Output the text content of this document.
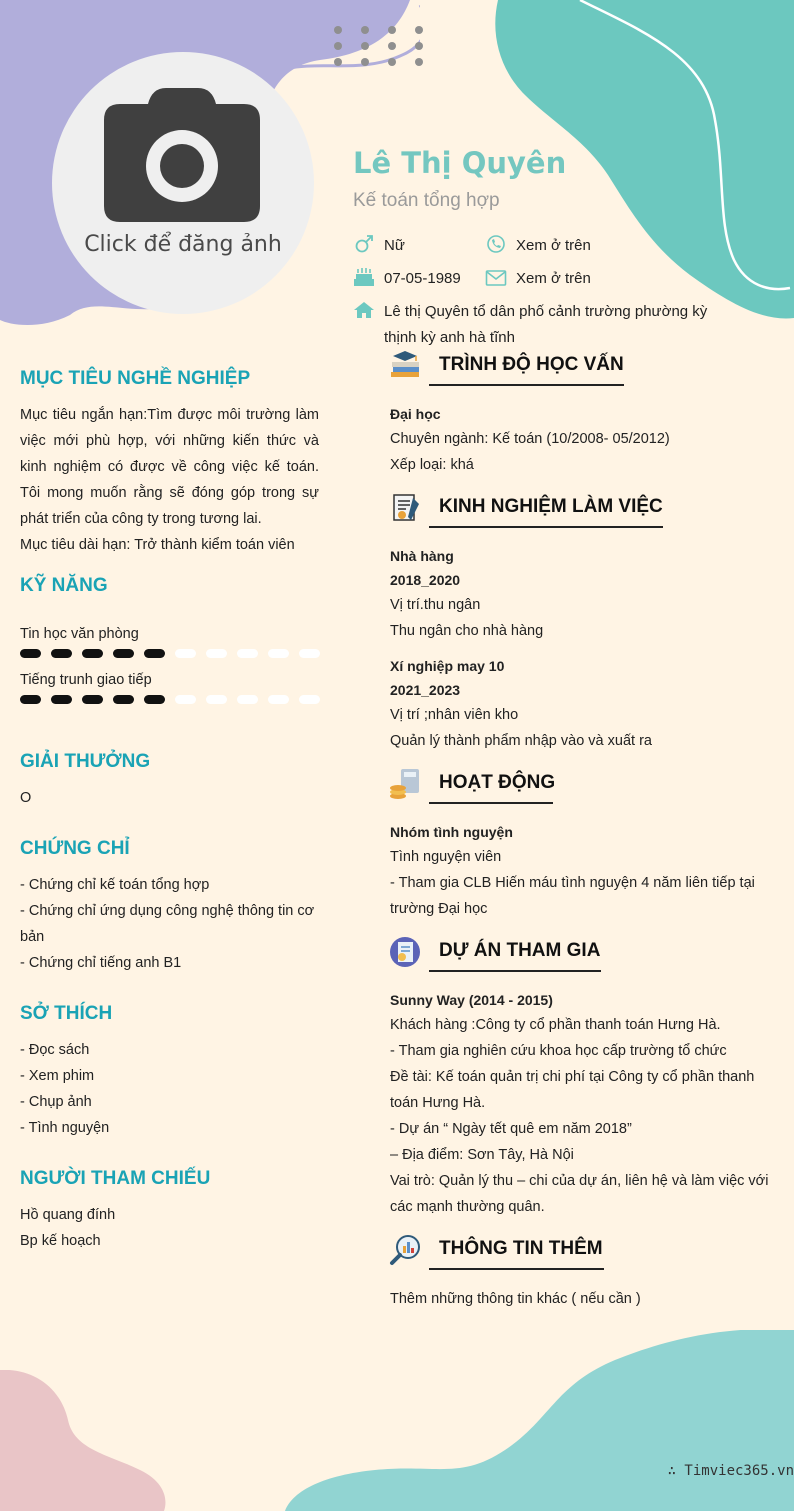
Click để đăng ảnh
Lê Thị Quyên
Kế toán tổng hợp
Nữ	Xem ở trên
07-05-1989	Xem ở trên
Lê thị Quyên tổ dân phố cảnh trường phường kỳ
thịnh kỳ anh hà tĩnh
MỤC TIÊU NGHỀ NGHIỆP
Mục tiêu ngắn hạn:Tìm được môi trường làm việc mới phù hợp, với những kiến thức và kinh nghiệm có được về công việc kế toán. Tôi mong muốn rằng sẽ đóng góp trong sự phát triển của công ty trong tương lai.
Mục tiêu dài hạn: Trở thành kiểm toán viên
KỸ NĂNG
Tin học văn phòng
Tiếng trunh giao tiếp
GIẢI THƯỞNG
O
CHỨNG CHỈ
- Chứng chỉ kế toán tổng hợp
- Chứng chỉ ứng dụng công nghệ thông tin cơ bản
- Chứng chỉ tiếng anh B1
SỞ THÍCH
- Đọc sách
- Xem phim
- Chụp ảnh
- Tình nguyện
NGƯỜI THAM CHIẾU
Hồ quang đính
Bp kế hoạch
TRÌNH ĐỘ HỌC VẤN
Đại học
Chuyên ngành: Kế toán (10/2008- 05/2012)
Xếp loại: khá
KINH NGHIỆM LÀM VIỆC
Nhà hàng
2018_2020
Vị trí.thu ngân
Thu ngân cho nhà hàng
Xí nghiệp may 10
2021_2023
Vị trí ;nhân viên kho
Quản lý thành phẩm nhập vào và xuất ra
HOẠT ĐỘNG
Nhóm tình nguyện
Tình nguyện viên
- Tham gia CLB Hiến máu tình nguyện 4 năm liên tiếp tại trường Đại học
DỰ ÁN THAM GIA
Sunny Way (2014 - 2015)
Khách hàng :Công ty cổ phần thanh toán Hưng Hà.
- Tham gia nghiên cứu khoa học cấp trường tổ chức
Đề tài: Kế toán quản trị chi phí tại Công ty cổ phần thanh toán Hưng Hà.
- Dự án “ Ngày tết quê em năm 2018”
– Địa điểm: Sơn Tây, Hà Nội
Vai trò: Quản lý thu – chi của dự án, liên hệ và làm việc với các mạnh thường quân.
THÔNG TIN THÊM
Thêm những thông tin khác ( nếu cần )
∴ Timviec365.vn
